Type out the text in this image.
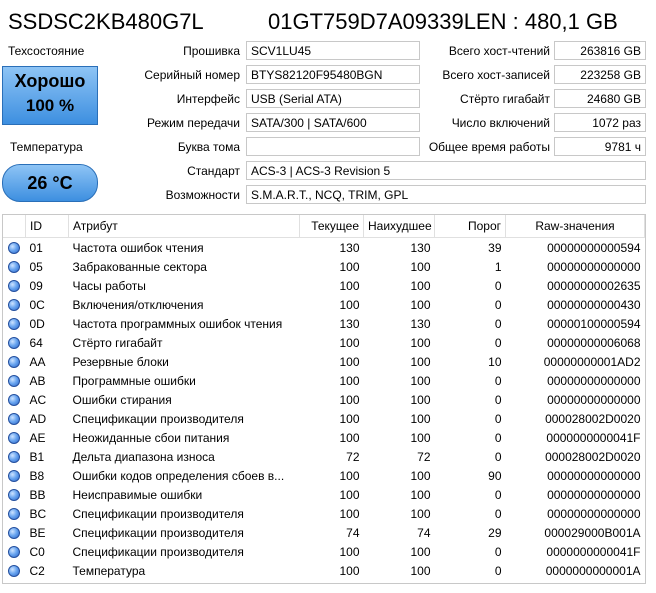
SSDSC2KB480G7L	01GT759D7A09339LEN : 480,1 GB
Техсостояние
Хорошо
100 %
Температура
26 °C
Прошивка SCV1LU45
Серийный номер BTYS82120F95480BGN
Интерфейс USB (Serial ATA)
Режим передачи SATA/300 | SATA/600
Буква тома
Стандарт ACS-3 | ACS-3 Revision 5
Возможности S.M.A.R.T., NCQ, TRIM, GPL
Всего хост-чтений	263816 GB
Всего хост-записей	223258 GB
Стёрто гигабайт	24680 GB
Число включений	1072 раз
Общее время работы	9781 ч
	ID	Атрибут	Текущее	Наихудшее	Порог	Raw-значения
	01	Частота ошибок чтения	130	130	39	00000000000594
	05	Забракованные сектора	100	100	1	00000000000000
	09	Часы работы	100	100	0	00000000002635
	0C	Включения/отключения	100	100	0	00000000000430
	0D	Частота программных ошибок чтения	130	130	0	00000100000594
	64	Стёрто гигабайт	100	100	0	00000000006068
	AA	Резервные блоки	100	100	10	00000000001AD2
	AB	Программные ошибки	100	100	0	00000000000000
	AC	Ошибки стирания	100	100	0	00000000000000
	AD	Спецификации производителя	100	100	0	000028002D0020
	AE	Неожиданные сбои питания	100	100	0	0000000000041F
	B1	Дельта диапазона износа	72	72	0	000028002D0020
	B8	Ошибки кодов определения сбоев в...	100	100	90	00000000000000
	BB	Неисправимые ошибки	100	100	0	00000000000000
	BC	Спецификации производителя	100	100	0	00000000000000
	BE	Спецификации производителя	74	74	29	000029000B001A
	C0	Спецификации производителя	100	100	0	0000000000041F
	C2	Температура	100	100	0	0000000000001A
